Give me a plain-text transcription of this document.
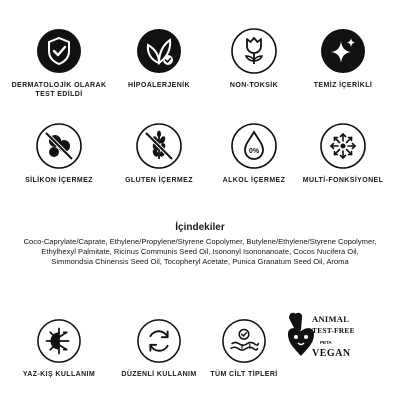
DERMATOLOJİK OLARAK
TEST EDİLDİ
HİPOALERJENİK	NON-TOKSİK	TEMİZ İÇERİKLİ
SİLİKON İÇERMEZ	GLUTEN İÇERMEZ
0%
ALKOL İÇERMEZ	MULTİ-FONKSİYONEL
İçindekiler
Coco-Caprylate/Caprate, Ethylene/Propylene/Styrene Copolymer, Butylene/Ethylene/Styrene Copolymer, Ethylhexyl Palmitate, Ricinus Communis Seed Oil, Isononyl Isononanoate, Cocos Nucifera Oil, Simmondsia Chinensis Seed Oil, Tocopheryl Acetate, Punica Granatum Seed Oil, Aroma
YAZ-KIŞ KULLANIM	DÜZENLİ KULLANIM	TÜM CİLT TİPLERİ
ANIMAL
TEST-FREE
PETA
VEGAN
